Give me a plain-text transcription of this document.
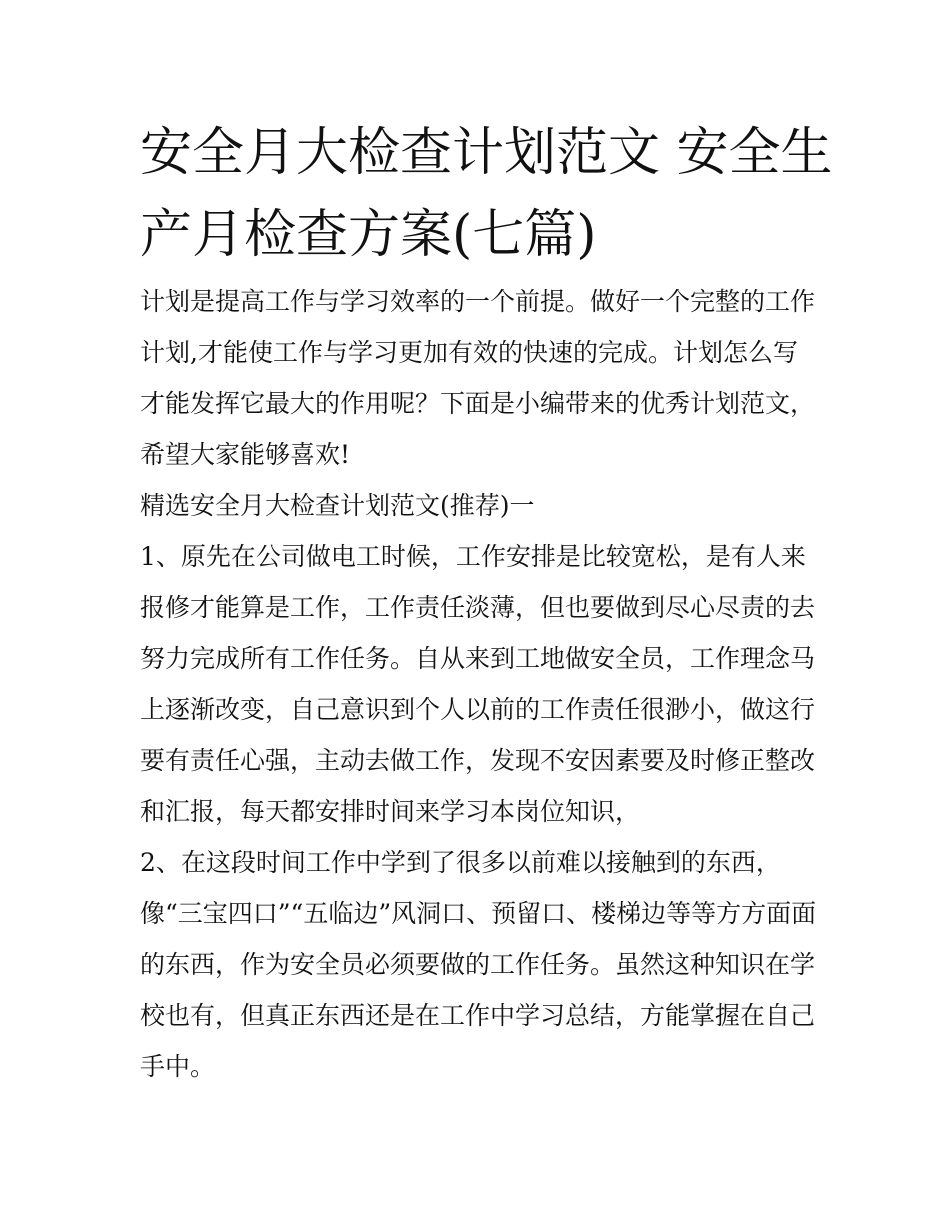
安全月大检查计划范文 安全生
产月检查方案(七篇)
计划是提高工作与学习效率的一个前提。做好一个完整的工作
计划,才能使工作与学习更加有效的快速的完成。计划怎么写
才能发挥它最大的作用呢？下面是小编带来的优秀计划范文，
希望大家能够喜欢!
精选安全月大检查计划范文(推荐)一
1、原先在公司做电工时候，工作安排是比较宽松，是有人来
报修才能算是工作，工作责任淡薄，但也要做到尽心尽责的去
努力完成所有工作任务。自从来到工地做安全员，工作理念马
上逐渐改变，自己意识到个人以前的工作责任很渺小，做这行
要有责任心强，主动去做工作，发现不安因素要及时修正整改
和汇报，每天都安排时间来学习本岗位知识，
2、在这段时间工作中学到了很多以前难以接触到的东西，
像“三宝四口”“五临边”风洞口、预留口、楼梯边等等方方面面
的东西，作为安全员必须要做的工作任务。虽然这种知识在学
校也有，但真正东西还是在工作中学习总结，方能掌握在自己
手中。
